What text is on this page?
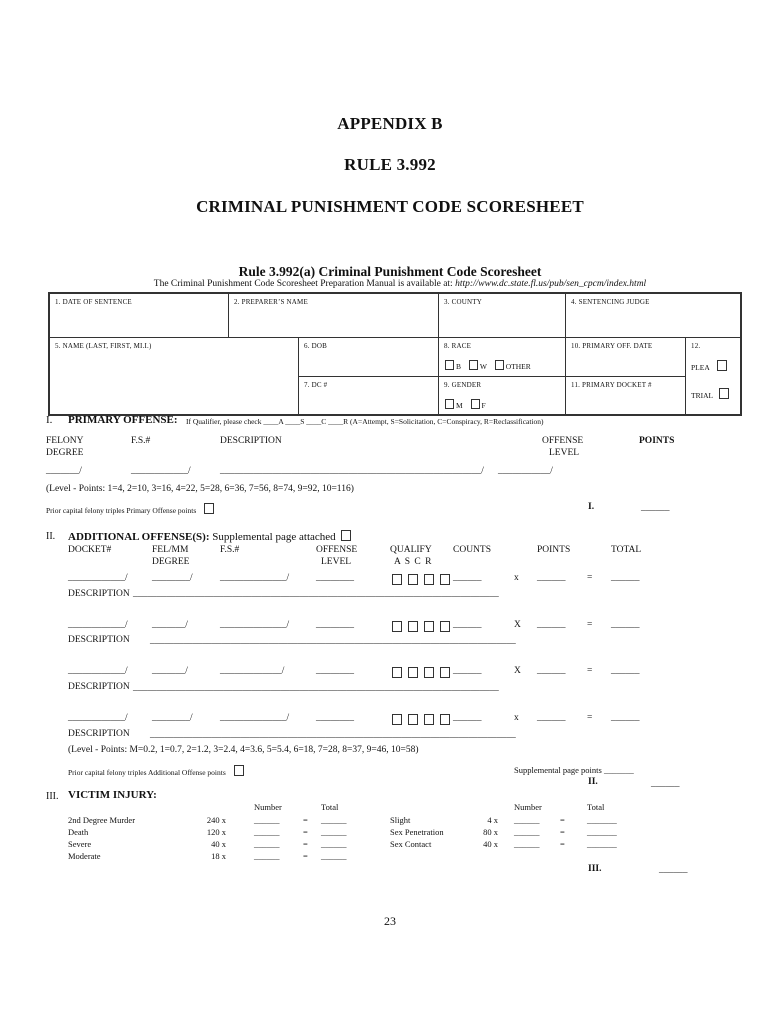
APPENDIX B
RULE 3.992
CRIMINAL PUNISHMENT CODE SCORESHEET
Rule 3.992(a) Criminal Punishment Code Scoresheet
The Criminal Punishment Code Scoresheet Preparation Manual is available at: http://www.dc.state.fl.us/pub/sen_cpcm/index.html
1. DATE OF SENTENCE	2. PREPARER’S NAME	3. COUNTY	4. SENTENCING JUDGE
5. NAME (LAST, FIRST, MI.I.)	6. DOB
7. DC #
8. RACE
B	W	OTHER
9. GENDER
M	F
10. PRIMARY OFF. DATE
11. PRIMARY DOCKET #
12.
PLEA
TRIAL
I. PRIMARY OFFENSE: If Qualifier, please check ____A ____S ____C ____R (A=Attempt, S=Solicitation, C=Conspiracy, R=Reclassification)
FELONY
DEGREE
F.S.#	DESCRIPTION	OFFENSE
LEVEL
POINTS
_______/	____________/	_______________________________________________________/ ___________/
(Level - Points: 1=4, 2=10, 3=16, 4=22, 5=28, 6=36, 7=56, 8=74, 9=92, 10=116)
Prior capital felony triples Primary Offense points	I.	______
II. ADDITIONAL OFFENSE(S): Supplemental page attached
DOCKET#	FEL/MM
DEGREE
F.S.#	OFFENSE
LEVEL
QUALIFY
A S C R
COUNTS	POINTS	TOTAL
____________/	________/	______________/	________	______	x ______ = ______
DESCRIPTION _____________________________________________________________________________
____________/	_______/	______________/	________	______	X ______ = ______
DESCRIPTION _____________________________________________________________________________
____________/	_______/	_____________/	________	______	X ______ = ______
DESCRIPTION _____________________________________________________________________________
____________/	________/	______________/	________	______	x ______ = ______
DESCRIPTION _____________________________________________________________________________
(Level - Points: M=0.2, 1=0.7, 2=1.2, 3=2.4, 4=3.6, 5=5.4, 6=18, 7=28, 8=37, 9=46, 10=58)
Prior capital felony triples Additional Offense points	Supplemental page points _______
II.	______
III. VICTIM INJURY:
Number	Total	Number	Total
2nd Degree Murder	240 x	______	= ______
Death	120 x	______	= ______
Severe	40 x	______	= ______
Moderate	18 x	______	= ______
Slight	4 x ______ =	_______
Sex Penetration	80 x ______ =	_______
Sex Contact	40 x ______ =	_______
III.	______
23
